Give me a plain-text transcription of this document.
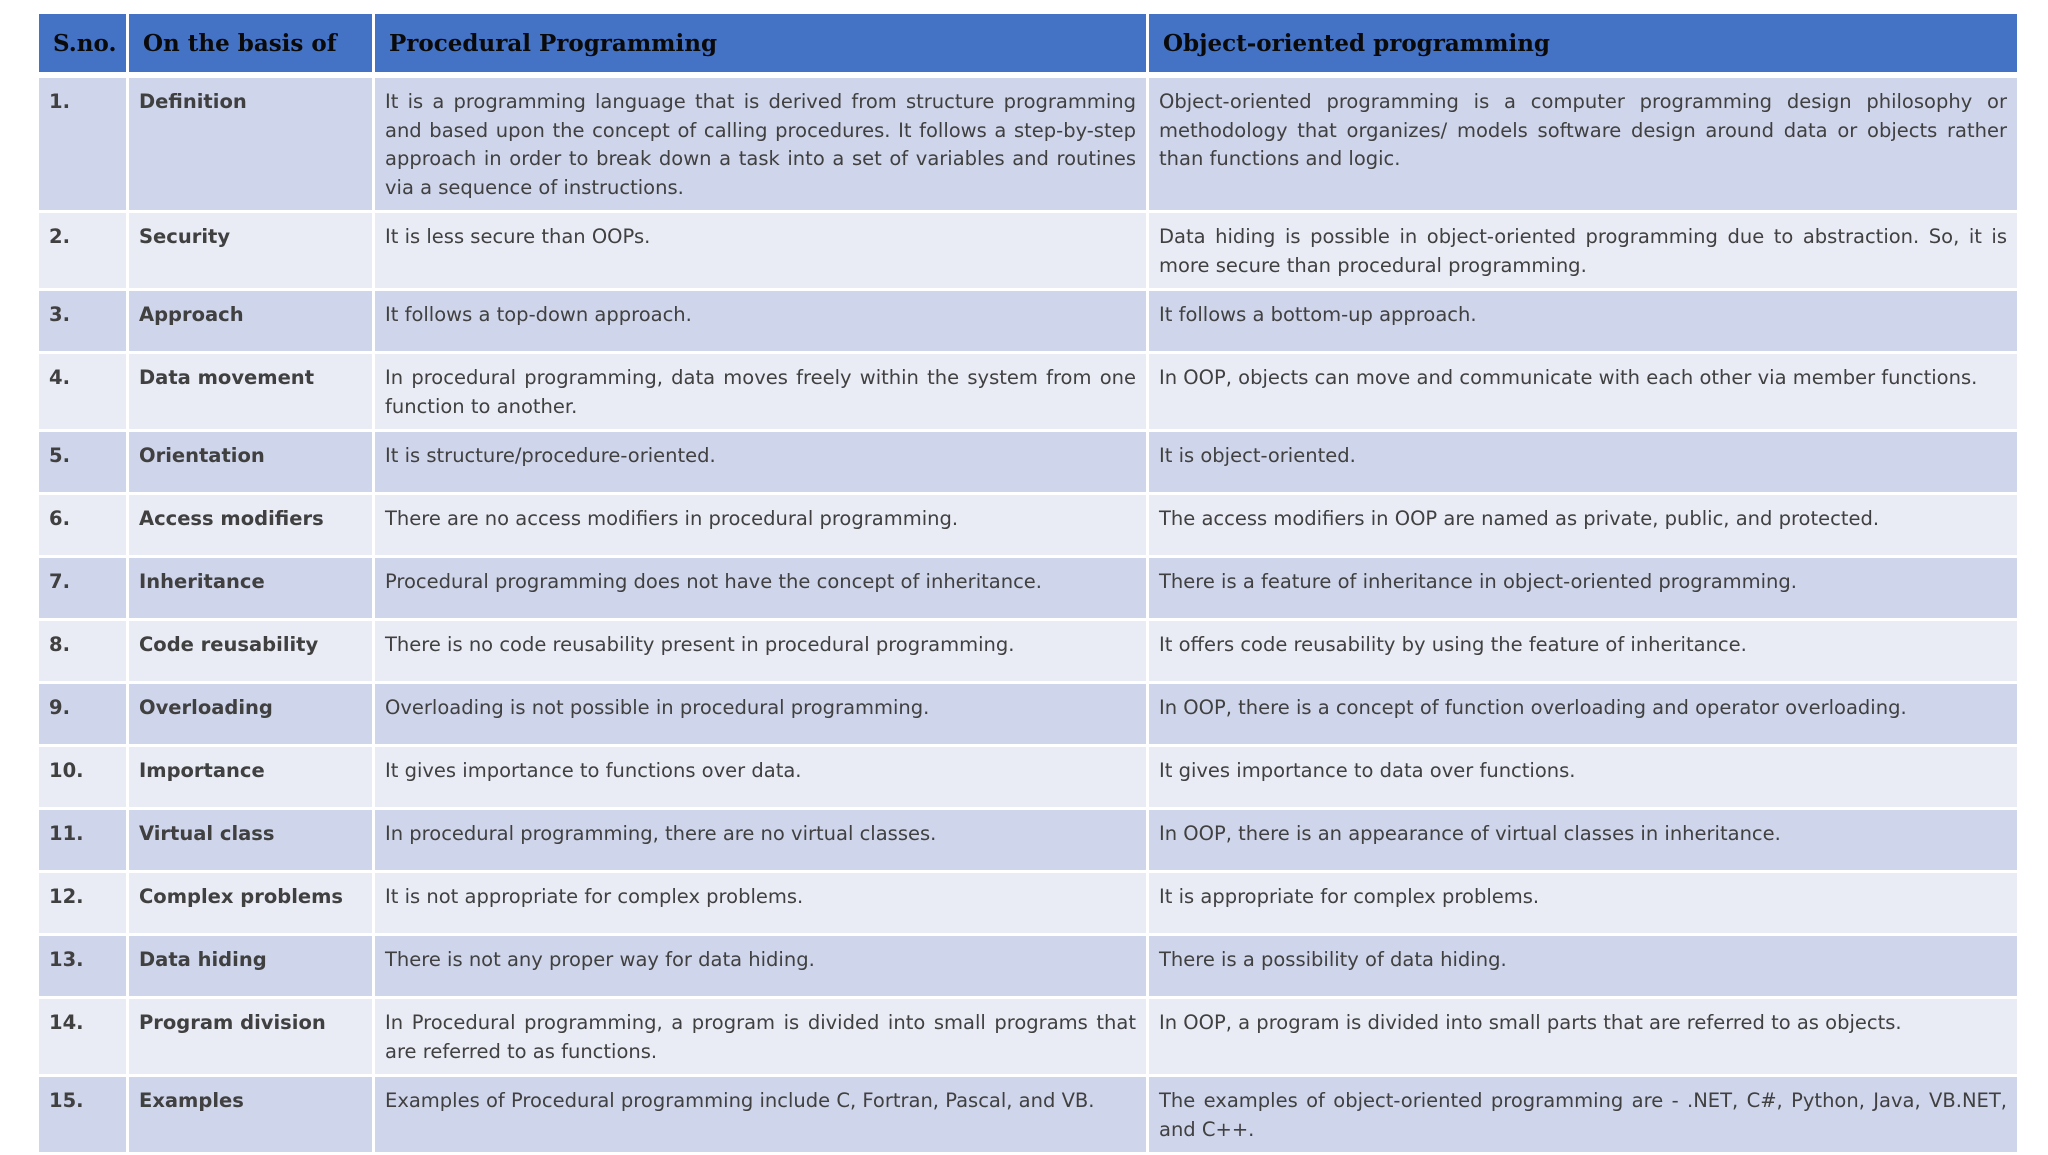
S.no.	On the basis of	Procedural Programming	Object-oriented programming
1.	Definition	It is a programming language that is derived from structure programming and based upon the concept of calling procedures. It follows a step-by-step approach in order to break down a task into a set of variables and routines via a sequence of instructions.	Object-oriented programming is a computer programming design philosophy or methodology that organizes/ models software design around data or objects rather than functions and logic.
2.	Security	It is less secure than OOPs.	Data hiding is possible in object-oriented programming due to abstraction. So, it is more secure than procedural programming.
3.	Approach	It follows a top-down approach.	It follows a bottom-up approach.
4.	Data movement	In procedural programming, data moves freely within the system from one function to another.	In OOP, objects can move and communicate with each other via member functions.
5.	Orientation	It is structure/procedure-oriented.	It is object-oriented.
6.	Access modifiers	There are no access modifiers in procedural programming.	The access modifiers in OOP are named as private, public, and protected.
7.	Inheritance	Procedural programming does not have the concept of inheritance.	There is a feature of inheritance in object-oriented programming.
8.	Code reusability	There is no code reusability present in procedural programming.	It offers code reusability by using the feature of inheritance.
9.	Overloading	Overloading is not possible in procedural programming.	In OOP, there is a concept of function overloading and operator overloading.
10.	Importance	It gives importance to functions over data.	It gives importance to data over functions.
11.	Virtual class	In procedural programming, there are no virtual classes.	In OOP, there is an appearance of virtual classes in inheritance.
12.	Complex problems	It is not appropriate for complex problems.	It is appropriate for complex problems.
13.	Data hiding	There is not any proper way for data hiding.	There is a possibility of data hiding.
14.	Program division	In Procedural programming, a program is divided into small programs that are referred to as functions.	In OOP, a program is divided into small parts that are referred to as objects.
15.	Examples	Examples of Procedural programming include C, Fortran, Pascal, and VB.	The examples of object-oriented programming are - .NET, C#, Python, Java, VB.NET, and C++.
